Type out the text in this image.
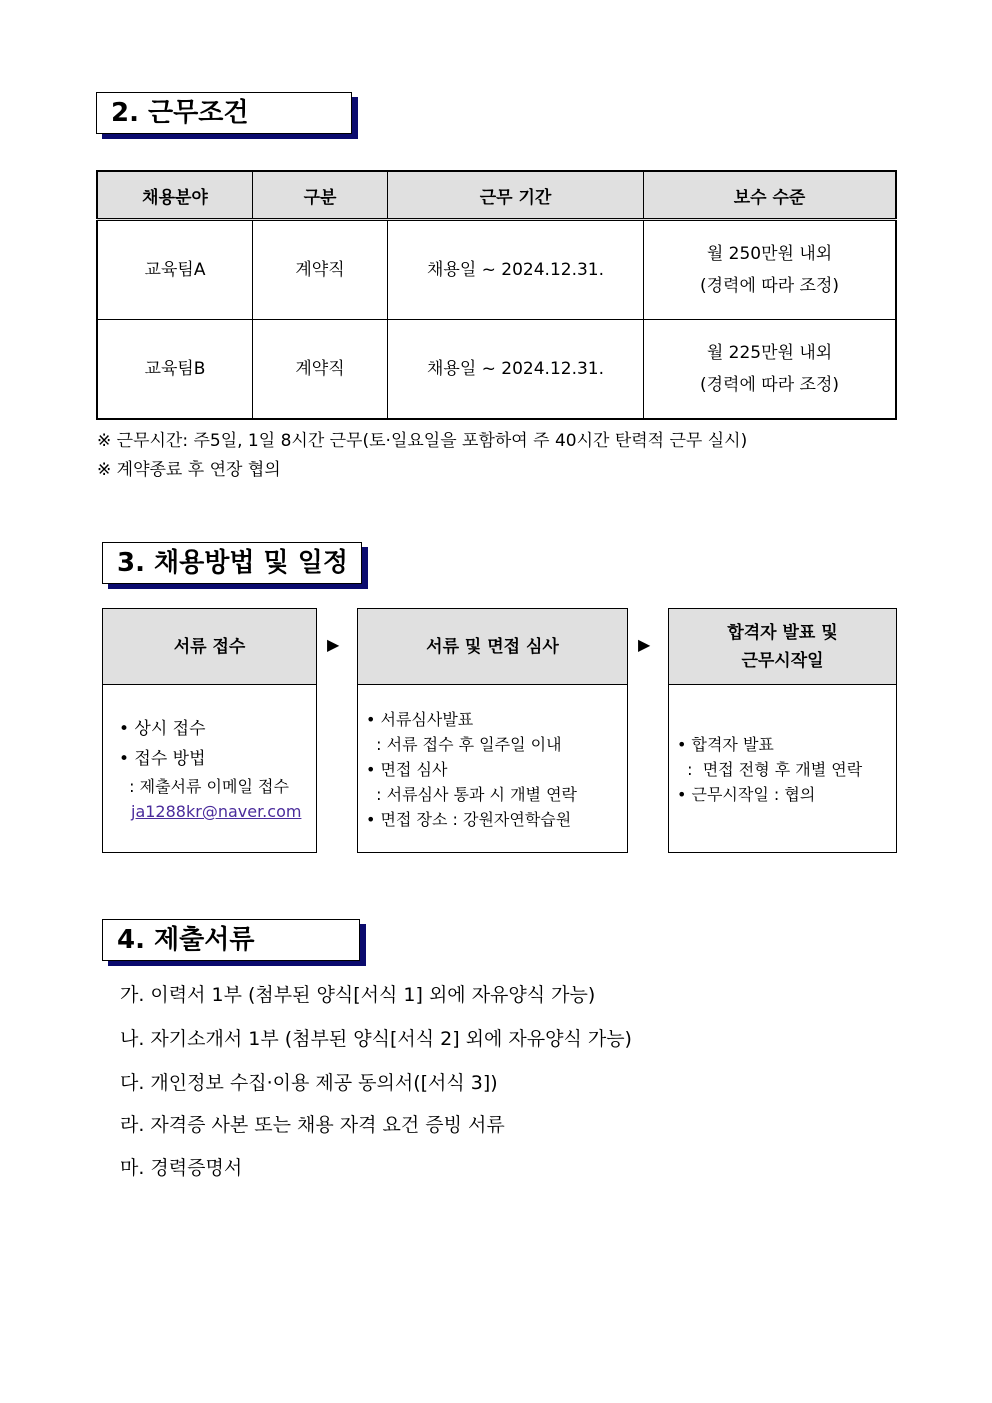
2. 근무조건
채용분야	구분	근무 기간	보수 수준
교육팀A	계약직	채용일 ~ 2024.12.31.	월 250만원 내외
(경력에 따라 조정)

교육팀B	계약직	채용일 ~ 2024.12.31.	월 225만원 내외
(경력에 따라 조정)
※ 근무시간: 주5일, 1일 8시간 근무(토·일요일을 포함하여 주 40시간 탄력적 근무 실시)
※ 계약종료 후 연장 협의
3. 채용방법 및 일정
서류 접수
• 상시 접수
• 접수 방법
: 제출서류 이메일 접수
ja1288kr@naver.com
▶	서류 및 면접 심사
• 서류심사발표
: 서류 접수 후 일주일 이내
• 면접 심사
: 서류심사 통과 시 개별 연락
• 면접 장소 : 강원자연학습원
▶
합격자 발표 및
근무시작일
• 합격자 발표
:  면접 전형 후 개별 연락
• 근무시작일 : 협의
4. 제출서류
가. 이력서 1부 (첨부된 양식[서식 1] 외에 자유양식 가능)
나. 자기소개서 1부 (첨부된 양식[서식 2] 외에 자유양식 가능)
다. 개인정보 수집·이용 제공 동의서([서식 3])
라. 자격증 사본 또는 채용 자격 요건 증빙 서류
마. 경력증명서
